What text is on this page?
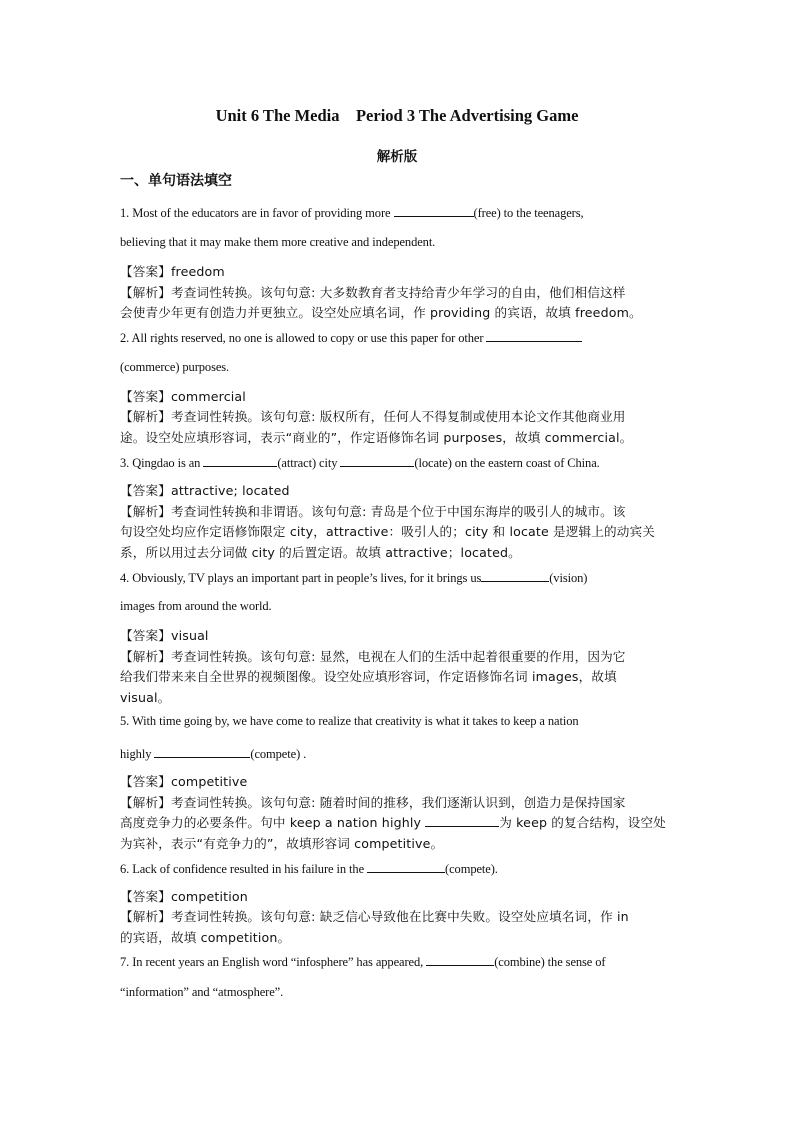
Unit 6 The Media    Period 3 The Advertising Game
解析版
一、单句语法填空
1. Most of the educators are in favor of providing more	(free) to the teenagers,
believing that it may make them more creative and independent.
【答案】freedom
【解析】考查词性转换。该句句意: 大多数教育者支持给青少年学习的自由，他们相信这样
会使青少年更有创造力并更独立。设空处应填名词，作 providing 的宾语，故填 freedom。
2. All rights reserved, no one is allowed to copy or use this paper for other
(commerce) purposes.
【答案】commercial
【解析】考查词性转换。该句句意: 版权所有，任何人不得复制或使用本论文作其他商业用
途。设空处应填形容词，表示“商业的”，作定语修饰名词 purposes，故填 commercial。
3. Qingdao is an	(attract) city	(locate) on the eastern coast of China.
【答案】attractive; located
【解析】考查词性转换和非谓语。该句句意: 青岛是个位于中国东海岸的吸引人的城市。该
句设空处均应作定语修饰限定 city，attractive：吸引人的；city 和 locate 是逻辑上的动宾关
系，所以用过去分词做 city 的后置定语。故填 attractive；located。
4. Obviously, TV plays an important part in people’s lives, for it brings us	(vision)
images from around the world.
【答案】visual
【解析】考查词性转换。该句句意: 显然，电视在人们的生活中起着很重要的作用，因为它
给我们带来来自全世界的视频图像。设空处应填形容词，作定语修饰名词 images，故填
visual。
5. With time going by, we have come to realize that creativity is what it takes to keep a nation
highly	(compete) .
【答案】competitive
【解析】考查词性转换。该句句意: 随着时间的推移，我们逐渐认识到，创造力是保持国家
高度竞争力的必要条件。句中 keep a nation highly	为 keep 的复合结构，设空处
为宾补，表示“有竞争力的”，故填形容词 competitive。
6. Lack of confidence resulted in his failure in the	(compete).
【答案】competition
【解析】考查词性转换。该句句意: 缺乏信心导致他在比赛中失败。设空处应填名词，作 in
的宾语，故填 competition。
7. In recent years an English word “infosphere” has appeared,	(combine) the sense of
“information” and “atmosphere”.
